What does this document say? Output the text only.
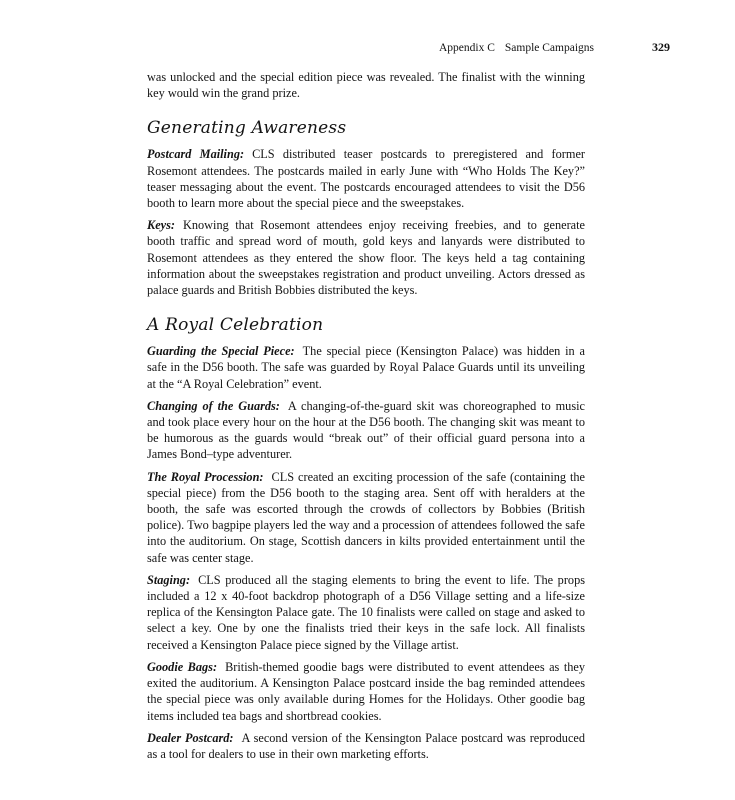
Appendix C Sample Campaigns	329

was unlocked and the special edition piece was revealed. The finalist with the winning key would win the grand prize.

Generating Awareness

Postcard Mailing: CLS distributed teaser postcards to preregistered and former Rosemont attendees. The postcards mailed in early June with “Who Holds The Key?” teaser messaging about the event. The postcards encouraged attendees to visit the D56 booth to learn more about the special piece and the sweepstakes.

Keys: Knowing that Rosemont attendees enjoy receiving freebies, and to generate booth traffic and spread word of mouth, gold keys and lanyards were distributed to Rosemont attendees as they entered the show floor. The keys held a tag containing information about the sweepstakes registration and product unveiling. Actors dressed as palace guards and British Bobbies distributed the keys.

A Royal Celebration

Guarding the Special Piece: The special piece (Kensington Palace) was hidden in a safe in the D56 booth. The safe was guarded by Royal Palace Guards until its unveiling at the “A Royal Celebration” event.

Changing of the Guards: A changing-of-the-guard skit was choreographed to music and took place every hour on the hour at the D56 booth. The changing skit was meant to be humorous as the guards would “break out” of their official guard persona into a James Bond–type adventurer.

The Royal Procession: CLS created an exciting procession of the safe (containing the special piece) from the D56 booth to the staging area. Sent off with heralders at the booth, the safe was escorted through the crowds of collectors by Bobbies (British police). Two bagpipe players led the way and a procession of attendees followed the safe into the auditorium. On stage, Scottish dancers in kilts provided entertainment until the safe was center stage.

Staging: CLS produced all the staging elements to bring the event to life. The props included a 12 x 40-foot backdrop photograph of a D56 Village setting and a life-size replica of the Kensington Palace gate. The 10 finalists were called on stage and asked to select a key. One by one the finalists tried their keys in the safe lock. All finalists received a Kensington Palace piece signed by the Village artist.

Goodie Bags: British-themed goodie bags were distributed to event attendees as they exited the auditorium. A Kensington Palace postcard inside the bag reminded attendees the special piece was only available during Homes for the Holidays. Other goodie bag items included tea bags and shortbread cookies.

Dealer Postcard: A second version of the Kensington Palace postcard was reproduced as a tool for dealers to use in their own marketing efforts.
